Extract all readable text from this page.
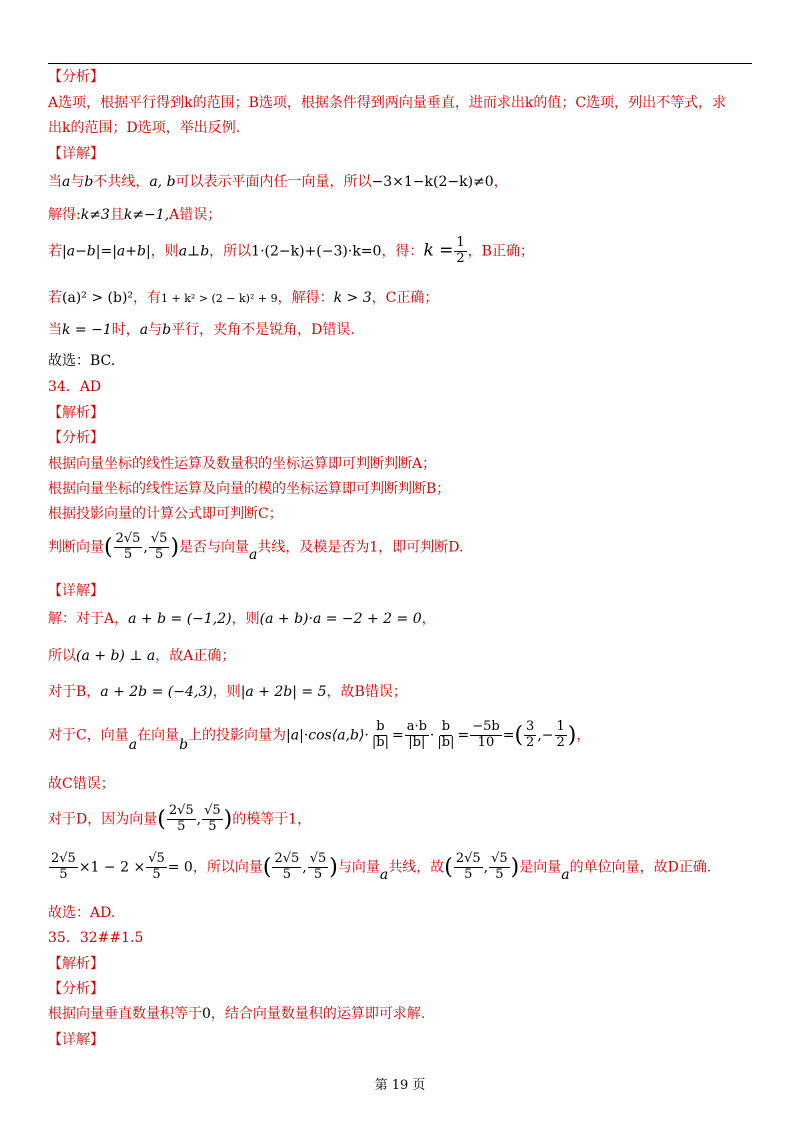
【分析】
A选项，根据平行得到k的范围；B选项，根据条件得到两向量垂直，进而求出k的值；C选项，列出不等式，求
出k的范围；D选项，举出反例.
【详解】
当a与b不共线，a, b可以表示平面内任一向量，所以−3×1−k(2−k)≠0，
解得:k≠3且k≠−1,A错误；
若|a−b|=|a+b|，则a⊥b，所以1·(2−k)+(−3)·k=0，得：$k = \frac{1}{2}$ ，B正确；
若(a)² > (b)²，有1 + k² > (2 − k)² + 9，解得：k > 3，C正确；
当k = −1时，a与b平行，夹角不是锐角，D错误.
故选：BC.
34．AD
【解析】
【分析】
根据向量坐标的线性运算及数量积的坐标运算即可判断判断A；
根据向量坐标的线性运算及向量的模的坐标运算即可判断判断B；
根据投影向量的计算公式即可判断C；
判断向量( $\frac{2√5}{5}$ , $\frac{√5}{5}$ )是否与向量a共线，及模是否为1，即可判断D.
【详解】
解：对于A，a + b = (−1,2)，则(a + b)·a = −2 + 2 = 0，
所以(a + b) ⊥ a，故A正确；
对于B，a + 2b = (−4,3)，则|a + 2b| = 5，故B错误；
对于C，向量a在向量b上的投影向量为|a|·cos⟨a,b⟩· $\frac{b}{|b|} = \frac{a\cdot b}{|b|} \cdot \frac{b}{|b|} = \frac{-5b}{10}$ =( $\frac{3}{2}$ ,− $\frac{1}{2}$ )，
故C错误；
对于D，因为向量( $\frac{2√5}{5}$ , $\frac{√5}{5}$ )的模等于1，
$\frac{2√5}{5} \times 1 - 2 \times \frac{√5}{5} = 0$，所以向量( $\frac{2√5}{5}$ , $\frac{√5}{5}$ )与向量a共线，故( $\frac{2√5}{5}$ , $\frac{√5}{5}$ )是向量a的单位向量，故D正确.
故选：AD.
35．32##1.5
【解析】
【分析】
根据向量垂直数量积等于0，结合向量数量积的运算即可求解.
【详解】
第 19 页
